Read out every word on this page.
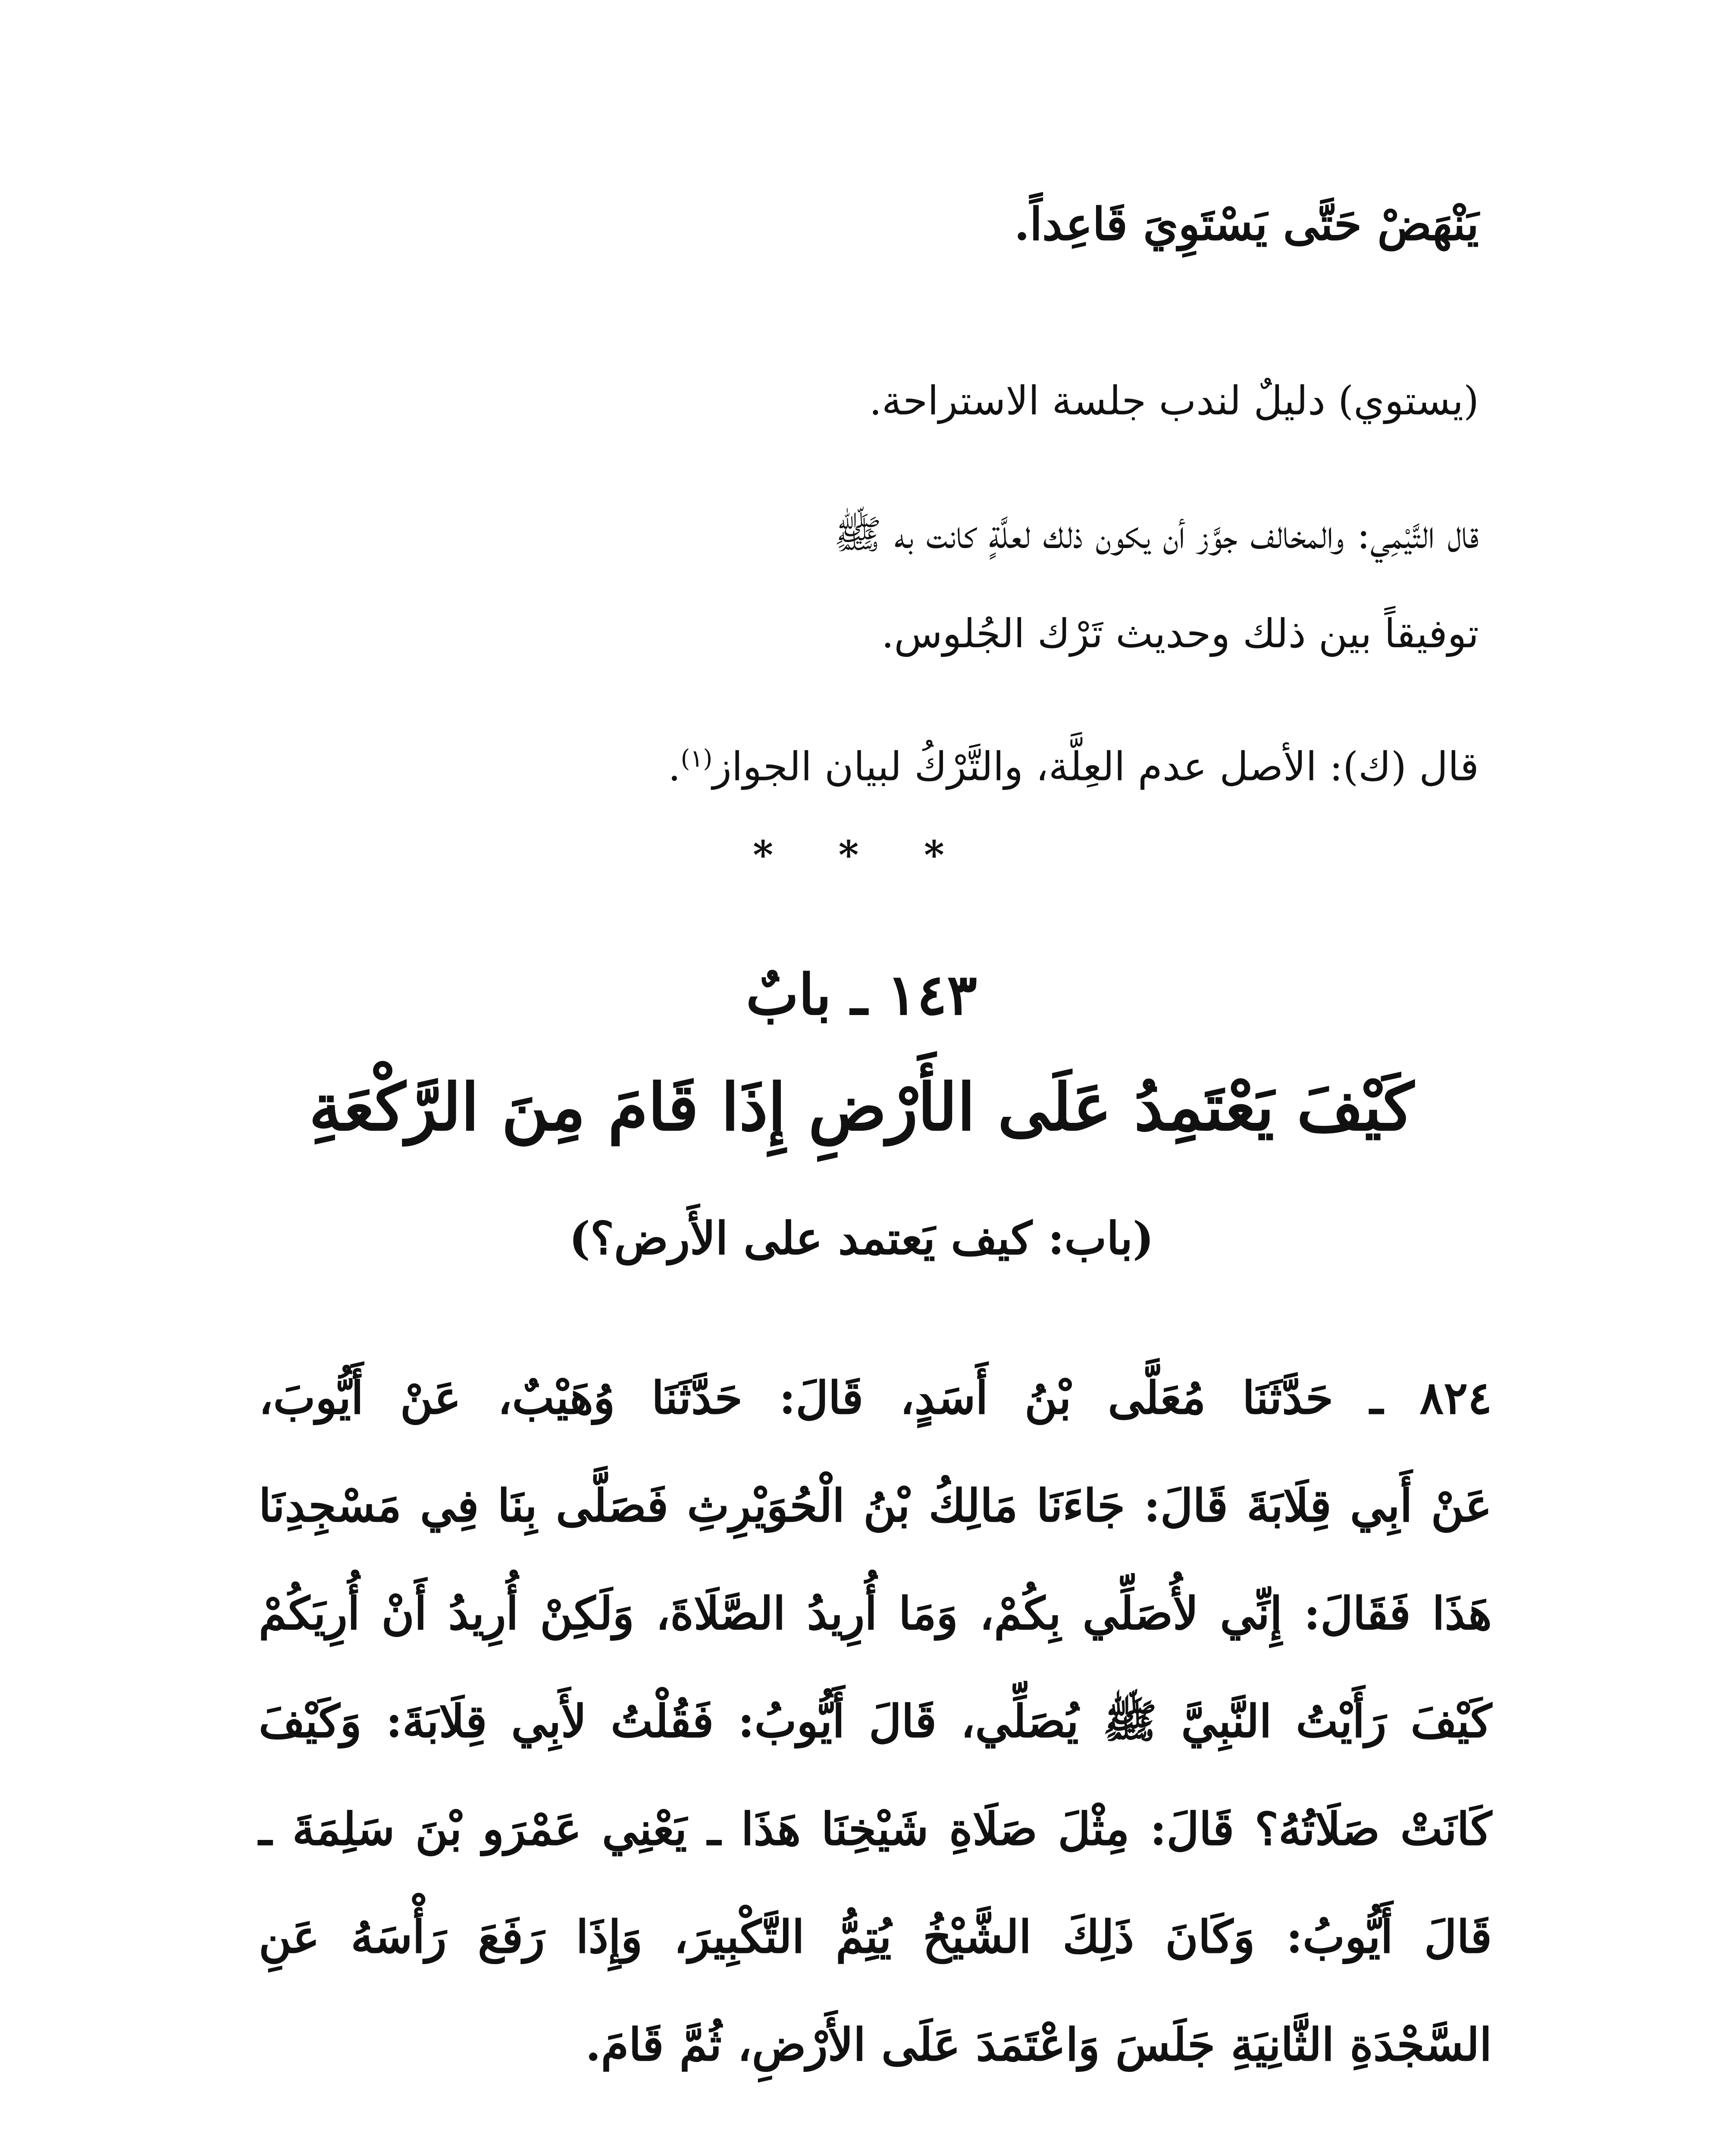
يَنْهَضْ حَتَّى يَسْتَوِيَ قَاعِداً.
(يستوي) دليلٌ لندب جلسة الاستراحة.
قال التَّيْمِي: والمخالف جوَّز أن يكون ذلك لعلَّةٍ كانت به ﷺ
توفيقاً بين ذلك وحديث تَرْك الجُلوس.
قال (ك): الأصل عدم العِلَّة، والتَّرْكُ لبيان الجواز$^{(١)}$.
* * *
١٤٣ ـ بابٌ
كَيْفَ يَعْتَمِدُ عَلَى الأَرْضِ إِذَا قَامَ مِنَ الرَّكْعَةِ
(باب: كيف يَعتمد على الأَرض؟)
٨٢٤ ـ حَدَّثَنَا مُعَلَّى بْنُ أَسَدٍ، قَالَ: حَدَّثَنَا وُهَيْبٌ، عَنْ أَيُّوبَ،
عَنْ أَبِي قِلَابَةَ قَالَ: جَاءَنَا مَالِكُ بْنُ الْحُوَيْرِثِ فَصَلَّى بِنَا فِي مَسْجِدِنَا
هَذَا فَقَالَ: إِنِّي لأُصَلِّي بِكُمْ، وَمَا أُرِيدُ الصَّلَاةَ، وَلَكِنْ أُرِيدُ أَنْ أُرِيَكُمْ
كَيْفَ رَأَيْتُ النَّبِيَّ ﷺ يُصَلِّي، قَالَ أَيُّوبُ: فَقُلْتُ لأَبِي قِلَابَةَ: وَكَيْفَ
كَانَتْ صَلَاتُهُ؟ قَالَ: مِثْلَ صَلَاةِ شَيْخِنَا هَذَا ـ يَعْنِي عَمْرَو بْنَ سَلِمَةَ ـ
قَالَ أَيُّوبُ: وَكَانَ ذَلِكَ الشَّيْخُ يُتِمُّ التَّكْبِيرَ، وَإِذَا رَفَعَ رَأْسَهُ عَنِ
السَّجْدَةِ الثَّانِيَةِ جَلَسَ وَاعْتَمَدَ عَلَى الأَرْضِ، ثُمَّ قَامَ.
